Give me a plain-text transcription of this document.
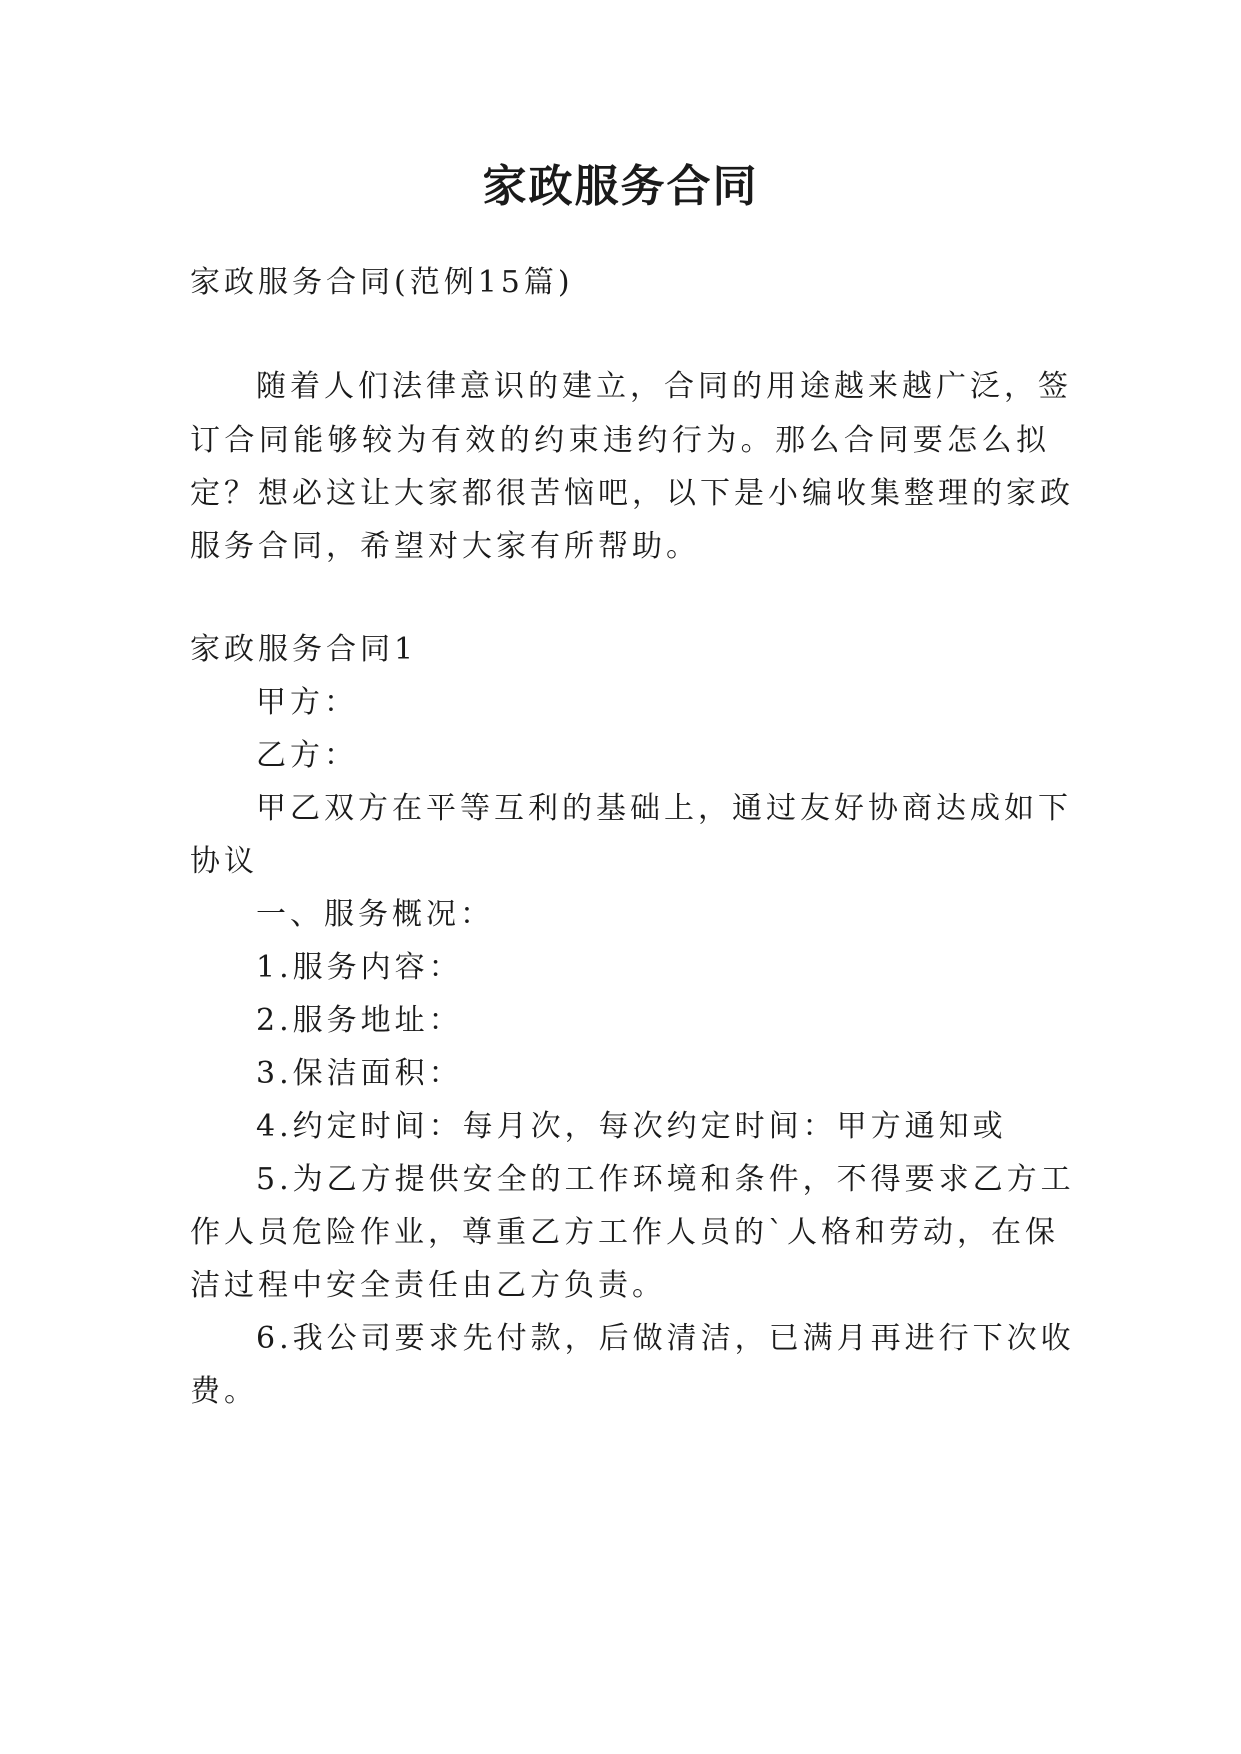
家政服务合同
家政服务合同(范例15篇)
随着人们法律意识的建立，合同的用途越来越广泛，签
订合同能够较为有效的约束违约行为。那么合同要怎么拟
定？想必这让大家都很苦恼吧，以下是小编收集整理的家政
服务合同，希望对大家有所帮助。
家政服务合同1
甲方：
乙方：
甲乙双方在平等互利的基础上，通过友好协商达成如下
协议
一、服务概况：
1.服务内容：
2.服务地址：
3.保洁面积：
4.约定时间：每月次，每次约定时间：甲方通知或
5.为乙方提供安全的工作环境和条件，不得要求乙方工
作人员危险作业，尊重乙方工作人员的`人格和劳动，在保
洁过程中安全责任由乙方负责。
6.我公司要求先付款，后做清洁，已满月再进行下次收
费。
